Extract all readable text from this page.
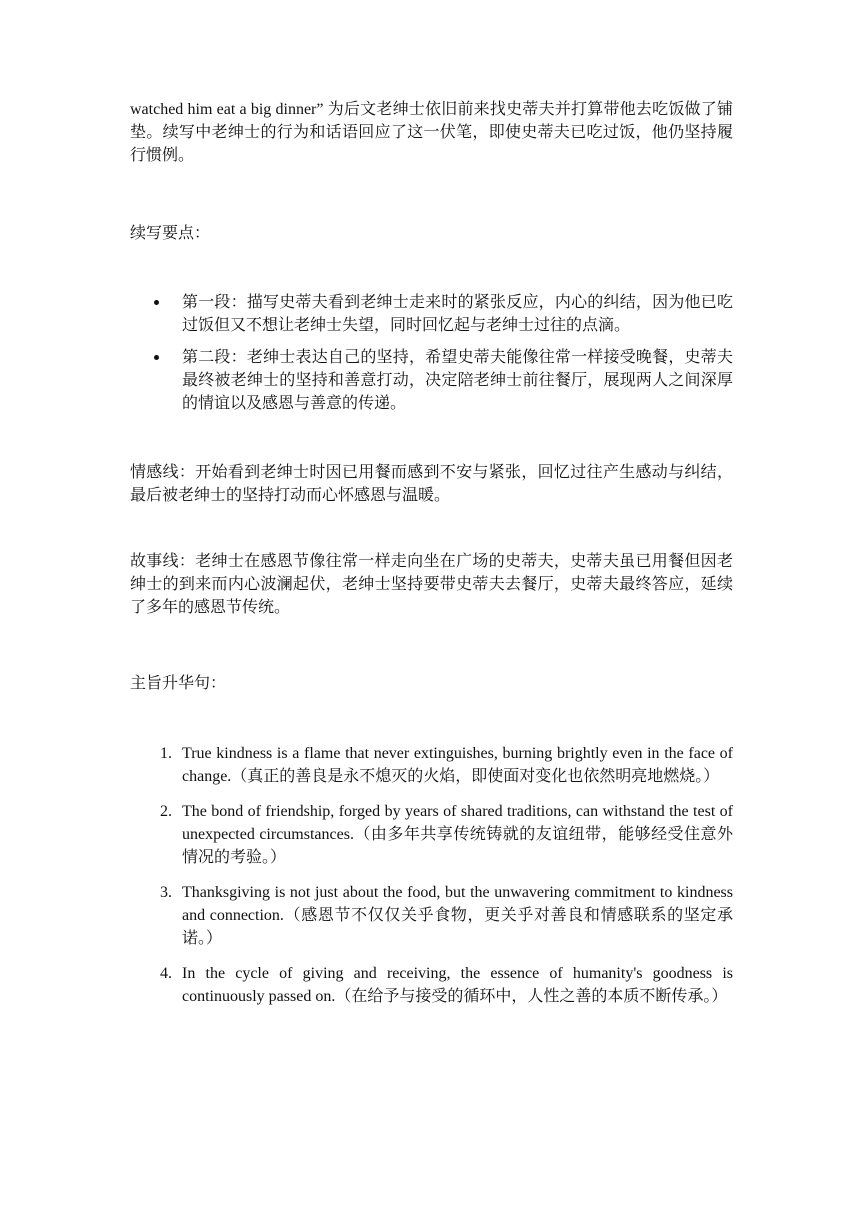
watched him eat a big dinner” 为后文老绅士依旧前来找史蒂夫并打算带他去吃饭做了铺垫。续写中老绅士的行为和话语回应了这一伏笔，即使史蒂夫已吃过饭，他仍坚持履行惯例。

续写要点：

第一段：描写史蒂夫看到老绅士走来时的紧张反应，内心的纠结，因为他已吃过饭但又不想让老绅士失望，同时回忆起与老绅士过往的点滴。
第二段：老绅士表达自己的坚持，希望史蒂夫能像往常一样接受晚餐，史蒂夫最终被老绅士的坚持和善意打动，决定陪老绅士前往餐厅，展现两人之间深厚的情谊以及感恩与善意的传递。

情感线：开始看到老绅士时因已用餐而感到不安与紧张，回忆过往产生感动与纠结，最后被老绅士的坚持打动而心怀感恩与温暖。

故事线：老绅士在感恩节像往常一样走向坐在广场的史蒂夫，史蒂夫虽已用餐但因老绅士的到来而内心波澜起伏，老绅士坚持要带史蒂夫去餐厅，史蒂夫最终答应，延续了多年的感恩节传统。

主旨升华句：

1. True kindness is a flame that never extinguishes, burning brightly even in the face of change.（真正的善良是永不熄灭的火焰，即使面对变化也依然明亮地燃烧。）
2. The bond of friendship, forged by years of shared traditions, can withstand the test of unexpected circumstances.（由多年共享传统铸就的友谊纽带，能够经受住意外情况的考验。）
3. Thanksgiving is not just about the food, but the unwavering commitment to kindness and connection.（感恩节不仅仅关乎食物，更关乎对善良和情感联系的坚定承诺。）
4. In the cycle of giving and receiving, the essence of humanity's goodness is continuously passed on.（在给予与接受的循环中，人性之善的本质不断传承。）
